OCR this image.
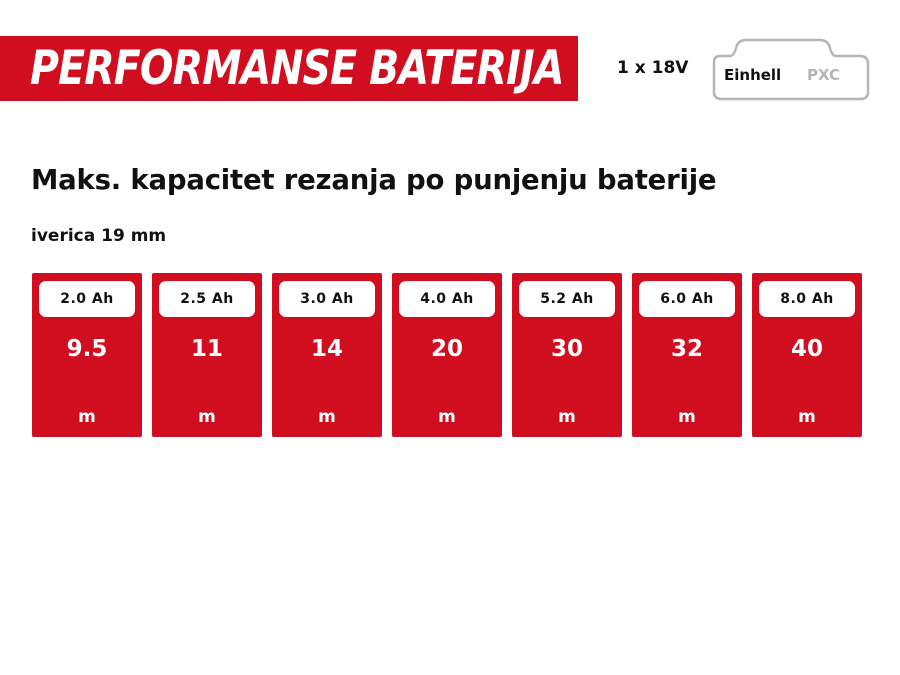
PERFORMANSE BATERIJA	1 x 18V Einhell PXC
Maks. kapacitet rezanja po punjenju baterije
iverica 19 mm
2.0 Ah
9.5
m
2.5 Ah
11
m
3.0 Ah
14
m
4.0 Ah
20
m
5.2 Ah
30
m
6.0 Ah
32
m
8.0 Ah
40
m
